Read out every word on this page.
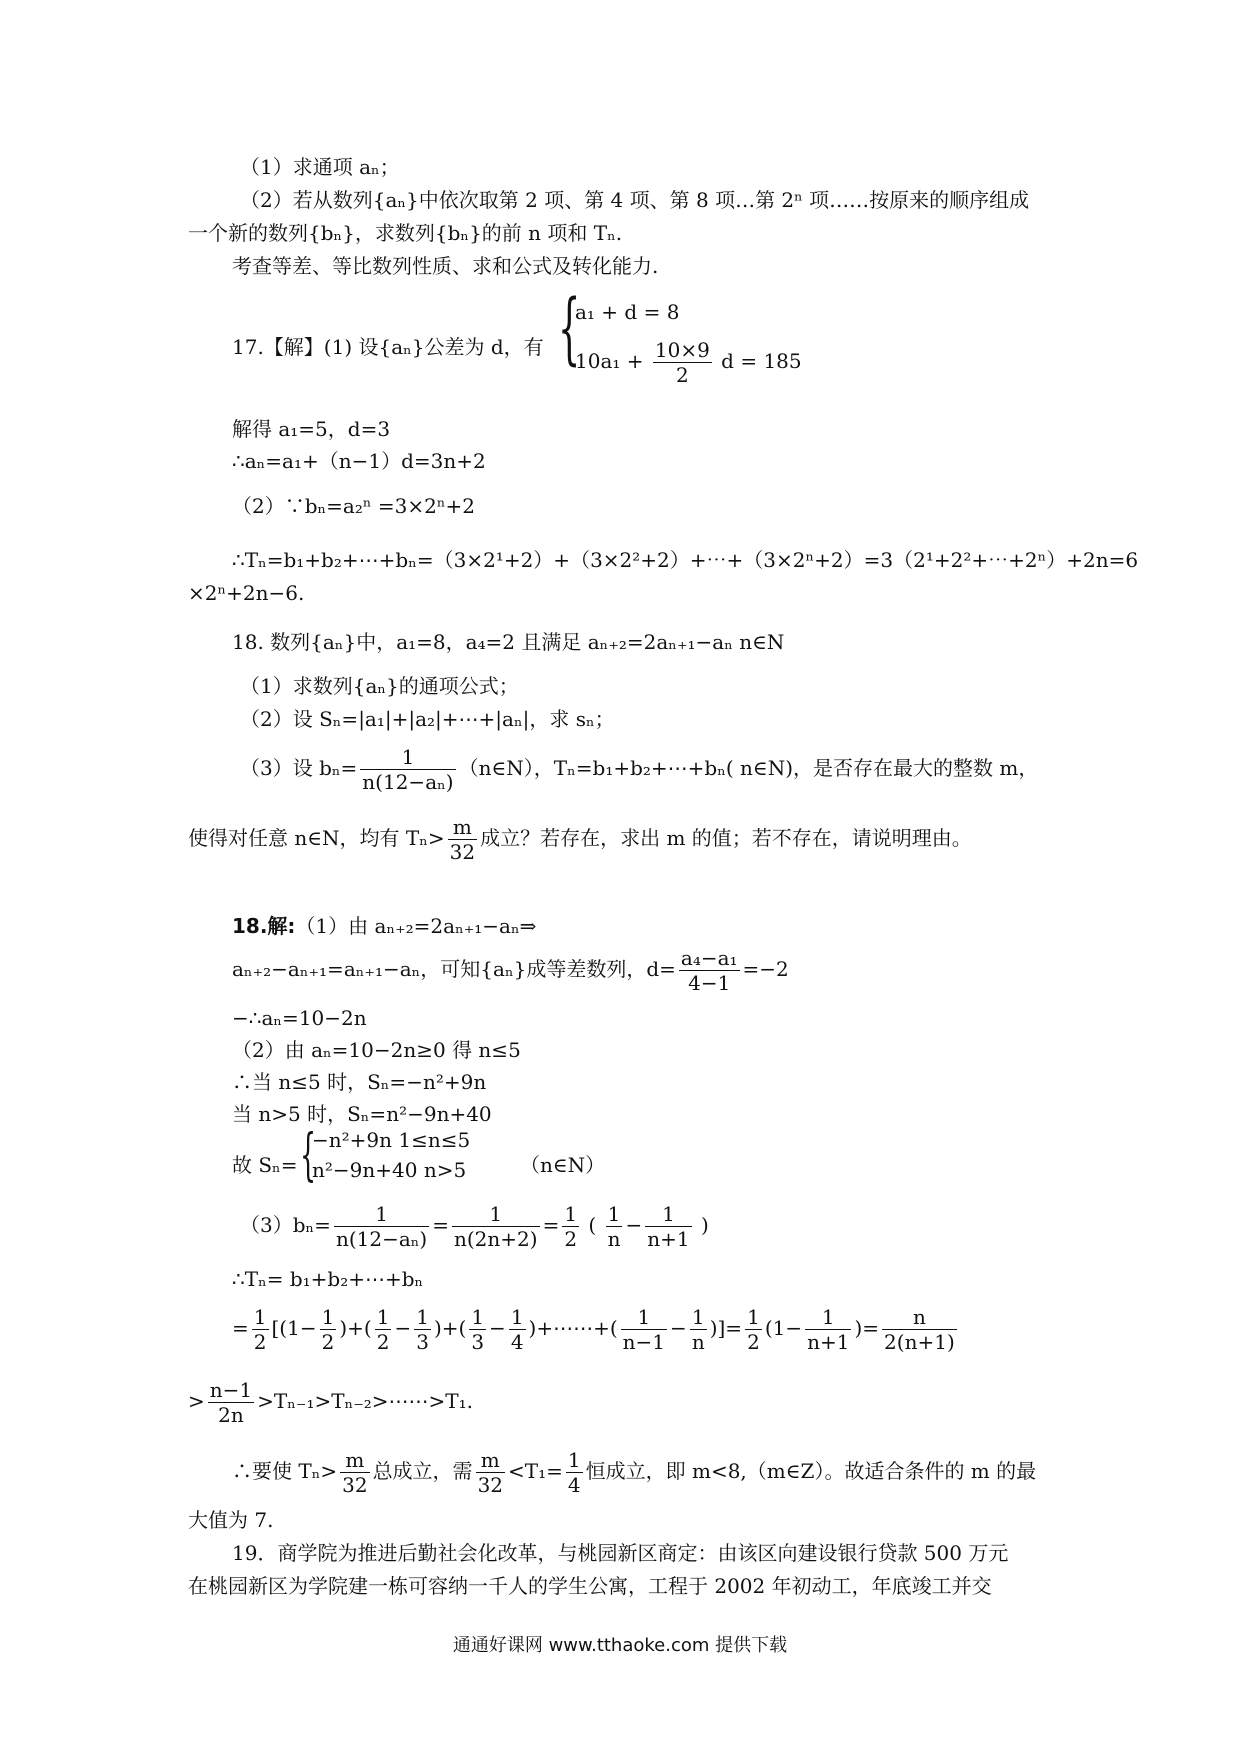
（1）求通项 aₙ；
（2）若从数列{aₙ}中依次取第 2 项、第 4 项、第 8 项…第 2ⁿ 项……按原来的顺序组成
一个新的数列{bₙ}，求数列{bₙ}的前 n 项和 Tₙ.
考查等差、等比数列性质、求和公式及转化能力.
17.【解】(1) 设{aₙ}公差为 d，有 {
a₁ + d = 8
$10a_1 + \frac{10\times 9}{2}$ d = 185
解得 a₁=5，d=3
∴aₙ=a₁+（n−1）d=3n+2
（2）∵bₙ=a₂ⁿ =3×2ⁿ+2
∴Tₙ=b₁+b₂+⋯+bₙ=（3×2¹+2）+（3×2²+2）+⋯+（3×2ⁿ+2）=3（2¹+2²+⋯+2ⁿ）+2n=6
×2ⁿ+2n−6.
18. 数列{aₙ}中，a₁=8，a₄=2 且满足 aₙ₊₂=2aₙ₊₁−aₙ n∈N
（1）求数列{aₙ}的通项公式；
（2）设 Sₙ=|a₁|+|a₂|+⋯+|aₙ|，求 sₙ；
（3）设 $b_n= \frac{1}{\text{n(12−aₙ)}}$ （n∈N），Tₙ=b₁+b₂+⋯+bₙ( n∈N)，是否存在最大的整数 m，
使得对任意 n∈N，均有 $T_n> \frac{m}{32}$ 成立？若存在，求出 m 的值；若不存在，请说明理由。
18.解:（1）由 aₙ₊₂=2aₙ₊₁−aₙ⇒
aₙ₊₂−aₙ₊₁=aₙ₊₁−aₙ，可知{aₙ}成等差数列，$d= \frac{\text{a₄−a₁}}{4-1} =-2$
−∴aₙ=10−2n
（2）由 aₙ=10−2n≥0 得 n≤5
∴当 n≤5 时，Sₙ=−n²+9n
当 n>5 时，Sₙ=n²−9n+40
故 Sₙ= {
−n²+9n 1≤n≤5
n²−9n+40 n>5	（n∈N）
$(3)b_n= \frac{1}{\text{n(12−aₙ)}} = \frac{1}{n(2n+2)} = \frac{1}{2}$ ( $\frac{1}{n} - \frac{1}{n+1}$ )
∴Tₙ= b₁+b₂+⋯+bₙ
= $\frac{1}{2} [(1- \frac{1}{2}$ )+( $\frac{1}{2} - \frac{1}{3}$ )+( $\frac{1}{3} - \frac{1}{4}$ )+⋯⋯+( $\frac{1}{n-1} - \frac{1}{n}$ )]= $\frac{1}{2} (1- \frac{1}{n+1}$ )= $\frac{n}{2(n+1)}$
> $\frac{n-1}{2n}$ >Tₙ₋₁>Tₙ₋₂>⋯⋯>T₁.
∴要使 $T_n> \frac{m}{32}$ 总成立，需 $\frac{m}{32} <T_1= \frac{1}{4}$ 恒成立，即 m<8,（m∈Z）。故适合条件的 m 的最
大值为 7.
19．商学院为推进后勤社会化改革，与桃园新区商定：由该区向建设银行贷款 500 万元
在桃园新区为学院建一栋可容纳一千人的学生公寓，工程于 2002 年初动工，年底竣工并交
通通好课网 www.tthaoke.com 提供下载
